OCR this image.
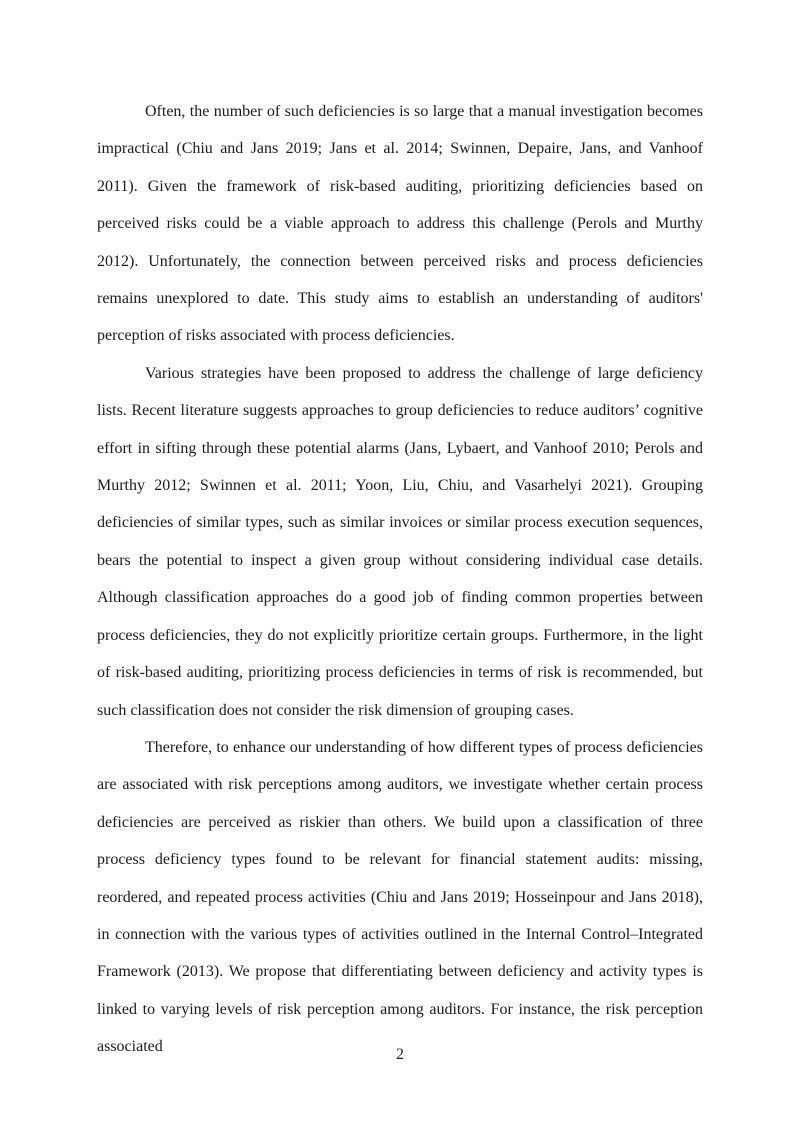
Often, the number of such deficiencies is so large that a manual investigation becomes impractical (Chiu and Jans 2019; Jans et al. 2014; Swinnen, Depaire, Jans, and Vanhoof 2011). Given the framework of risk-based auditing, prioritizing deficiencies based on perceived risks could be a viable approach to address this challenge (Perols and Murthy 2012). Unfortunately, the connection between perceived risks and process deficiencies remains unexplored to date. This study aims to establish an understanding of auditors' perception of risks associated with process deficiencies.

Various strategies have been proposed to address the challenge of large deficiency lists. Recent literature suggests approaches to group deficiencies to reduce auditors’ cognitive effort in sifting through these potential alarms (Jans, Lybaert, and Vanhoof 2010; Perols and Murthy 2012; Swinnen et al. 2011; Yoon, Liu, Chiu, and Vasarhelyi 2021). Grouping deficiencies of similar types, such as similar invoices or similar process execution sequences, bears the potential to inspect a given group without considering individual case details. Although classification approaches do a good job of finding common properties between process deficiencies, they do not explicitly prioritize certain groups. Furthermore, in the light of risk-based auditing, prioritizing process deficiencies in terms of risk is recommended, but such classification does not consider the risk dimension of grouping cases.

Therefore, to enhance our understanding of how different types of process deficiencies are associated with risk perceptions among auditors, we investigate whether certain process deficiencies are perceived as riskier than others. We build upon a classification of three process deficiency types found to be relevant for financial statement audits: missing, reordered, and repeated process activities (Chiu and Jans 2019; Hosseinpour and Jans 2018), in connection with the various types of activities outlined in the Internal Control–Integrated Framework (2013). We propose that differentiating between deficiency and activity types is linked to varying levels of risk perception among auditors. For instance, the risk perception associated	2
